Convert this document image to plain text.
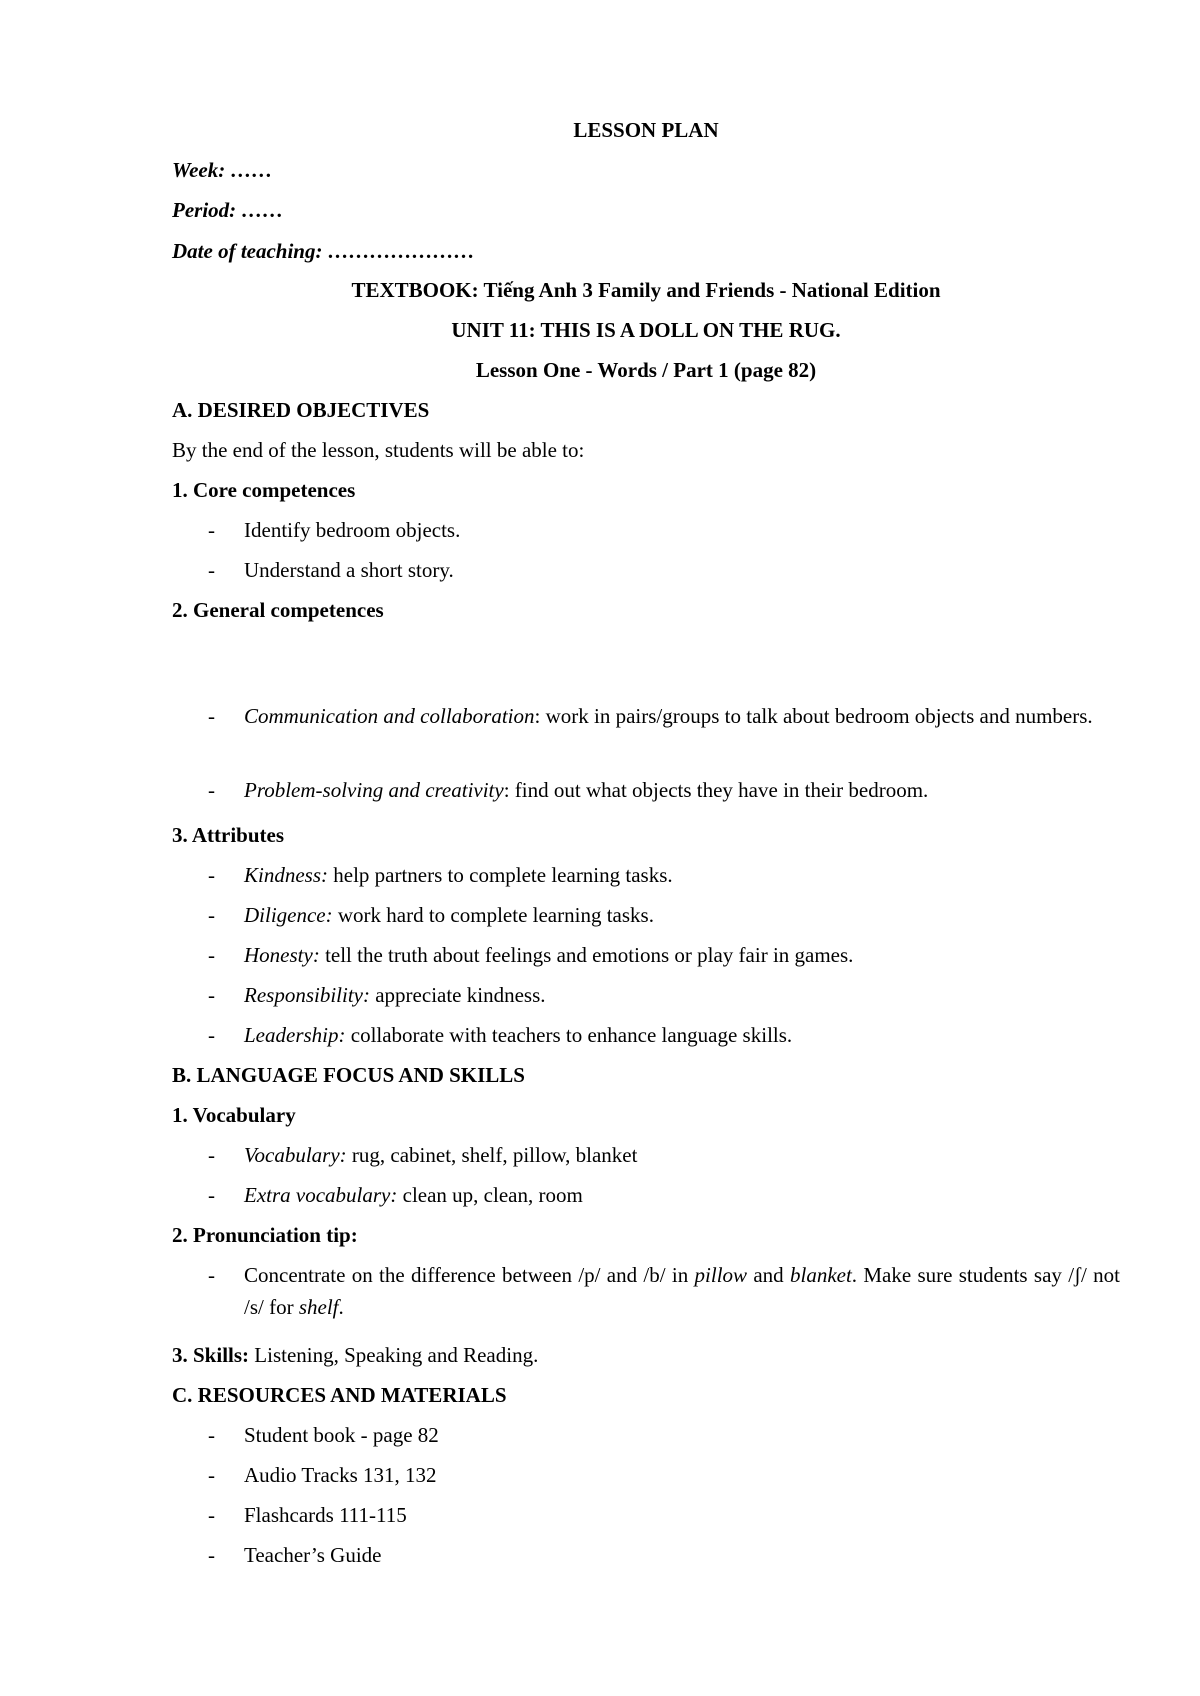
LESSON PLAN
Week: ……
Period: ……
Date of teaching: …………………
TEXTBOOK: Tiếng Anh 3 Family and Friends - National Edition
UNIT 11: THIS IS A DOLL ON THE RUG.
Lesson One - Words / Part 1 (page 82)
A. DESIRED OBJECTIVES
By the end of the lesson, students will be able to:
1. Core competences
- Identify bedroom objects.
- Understand a short story.
2. General competences
- Communication and collaboration: work in pairs/groups to talk about bedroom objects and numbers.
- Problem-solving and creativity: find out what objects they have in their bedroom.
3. Attributes
- Kindness: help partners to complete learning tasks.
- Diligence: work hard to complete learning tasks.
- Honesty: tell the truth about feelings and emotions or play fair in games.
- Responsibility: appreciate kindness.
- Leadership: collaborate with teachers to enhance language skills.
B. LANGUAGE FOCUS AND SKILLS
1. Vocabulary
- Vocabulary: rug, cabinet, shelf, pillow, blanket
- Extra vocabulary: clean up, clean, room
2. Pronunciation tip:
- Concentrate on the difference between /p/ and /b/ in pillow and blanket. Make sure students say /ʃ/ not /s/ for shelf.
3. Skills: Listening, Speaking and Reading.
C. RESOURCES AND MATERIALS
- Student book - page 82
- Audio Tracks 131, 132
- Flashcards 111-115
- Teacher’s Guide
